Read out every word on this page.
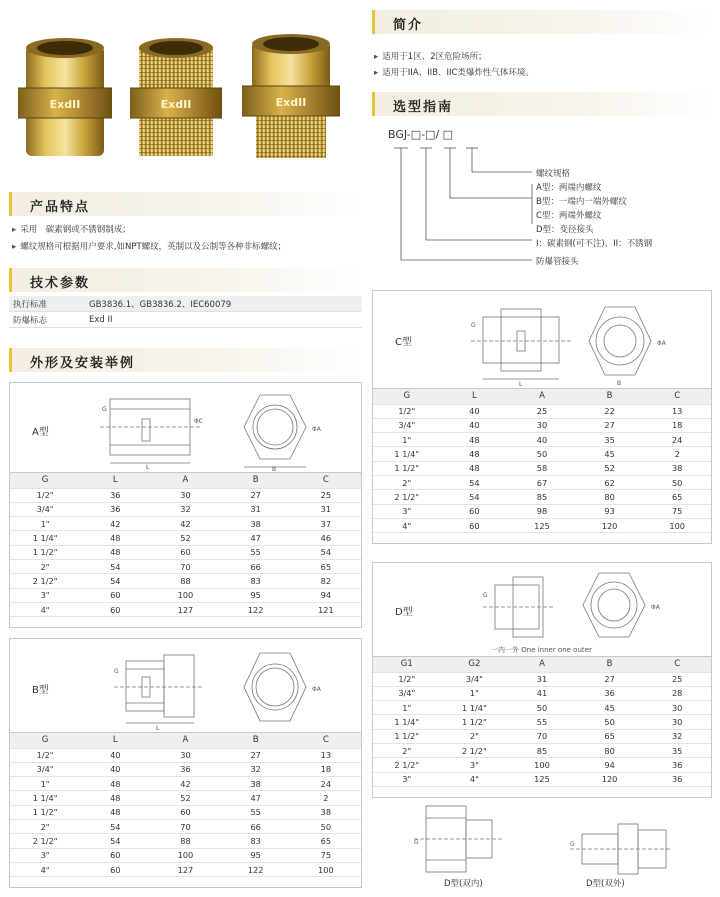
ExdII	ExdII	ExdII
产品特点
▸ 采用　碳素钢或不锈钢制成；
▸ 螺纹规格可根据用户要求,如NPT螺纹，英制以及公制等各种非标螺纹；
技术参数
执行标准	GB3836.1、GB3836.2、IEC60079
防爆标志	Exd II
外形及安装举例
A型
G
L
ΦC
ΦA
B
G	L	A	B	C
1/2"	36	30	27	25
3/4"	36	32	31	31
1"	42	42	38	37
1 1/4"	48	52	47	46
1 1/2"	48	60	55	54
2"	54	70	66	65
2 1/2"	54	88	83	82
3"	60	100	95	94
4"	60	127	122	121
B型
G
L
ΦA
G	L	A	B	C
1/2"	40	30	27	13
3/4"	40	36	32	18
1"	48	42	38	24
1 1/4"	48	52	47	2
1 1/2"	48	60	55	38
2"	54	70	66	50
2 1/2"	54	88	83	65
3"	60	100	95	75
4"	60	127	122	100
简介
▸ 适用于1区、2区危险场所；
▸ 适用于IIA、IIB、IIC类爆炸性气体环境。
选型指南
BGJ-□-□/ □
螺纹规格
A型：两端内螺纹
B型：一端内一端外螺纹
C型：两端外螺纹
D型：变径接头
I：碳素钢(可不注)、II：不锈钢
防爆管接头
C型
G
L
ΦA
B
G	L	A	B	C
1/2"	40	25	22	13
3/4"	40	30	27	18
1"	48	40	35	24
1 1/4"	48	50	45	2
1 1/2"	48	58	52	38
2"	54	67	62	50
2 1/2"	54	85	80	65
3"	60	98	93	75
4"	60	125	120	100
D型
G
ΦA
一内一外 One inner one outer
G1	G2	A	B	C
1/2"	3/4"	31	27	25
3/4"	1"	41	36	28
1"	1 1/4"	50	45	30
1 1/4"	1 1/2"	55	50	30
1 1/2"	2"	70	65	32
2"	2 1/2"	85	80	35
2 1/2"	3"	100	94	36
3"	4"	125	120	36
G
D型(双内)
G
D型(双外)
